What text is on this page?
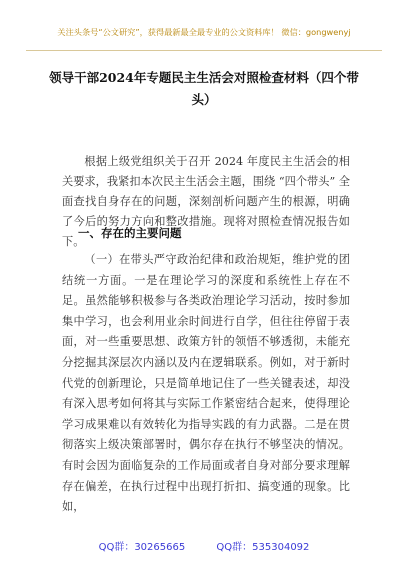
关注头条号“公文研究”，获得最新最全最专业的公文资料库！ 微信：gongwenyj
领导干部2024年专题民主生活会对照检查材料（四个带头）

根据上级党组织关于召开 2024 年度民主生活会的相关要求，我紧扣本次民主生活会主题，围绕 “四个带头” 全面查找自身存在的问题，深刻剖析问题产生的根源，明确了今后的努力方向和整改措施。现将对照检查情况报告如下。

一、存在的主要问题

（一）在带头严守政治纪律和政治规矩，维护党的团结统一方面。一是在理论学习的深度和系统性上存在不足。虽然能够积极参与各类政治理论学习活动，按时参加集中学习，也会利用业余时间进行自学，但往往停留于表面，对一些重要思想、政策方针的领悟不够透彻，未能充分挖掘其深层次内涵以及内在逻辑联系。例如，对于新时代党的创新理论，只是简单地记住了一些关键表述，却没有深入思考如何将其与实际工作紧密结合起来，使得理论学习成果难以有效转化为指导实践的有力武器。二是在贯彻落实上级决策部署时，偶尔存在执行不够坚决的情况。有时会因为面临复杂的工作局面或者自身对部分要求理解存在偏差，在执行过程中出现打折扣、搞变通的现象。比如，

QQ群：30265665	QQ群：535304092
